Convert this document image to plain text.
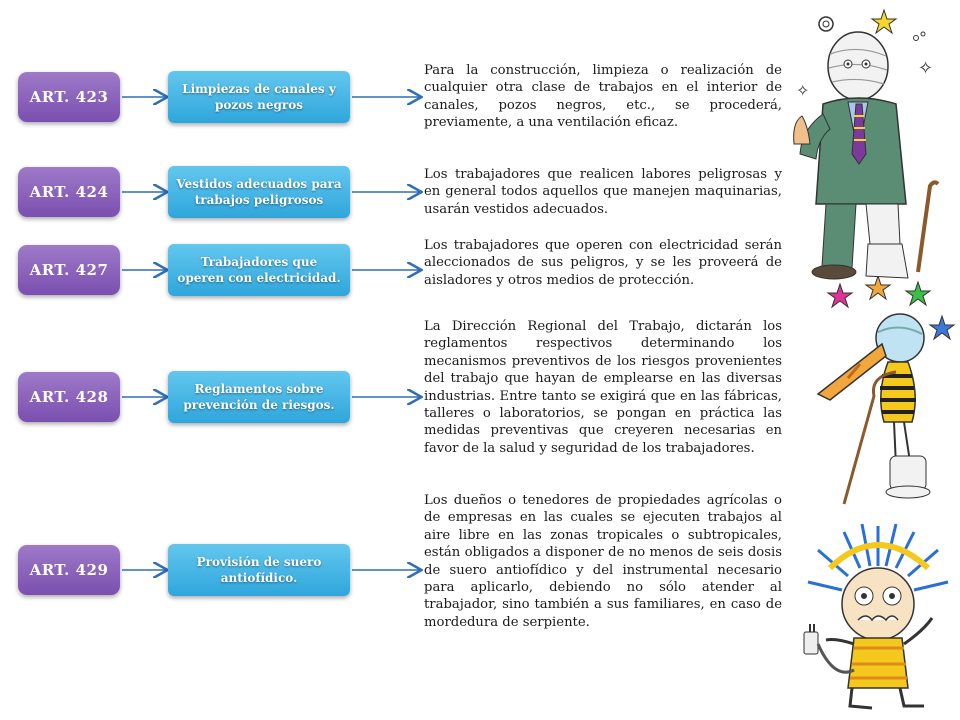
ART. 423	Limpiezas de canales y pozos negros
Para la construcción, limpieza o realización de cualquier otra clase de trabajos en el interior de canales, pozos negros, etc., se procederá, previamente, a una ventilación eficaz.
ART. 424	Vestidos adecuados para trabajos peligrosos
Los trabajadores que realicen labores peligrosas y en general todos aquellos que manejen maquinarias, usarán vestidos adecuados.
ART. 427	Trabajadores que operen con electricidad.
Los trabajadores que operen con electricidad serán aleccionados de sus peligros, y se les proveerá de aisladores y otros medios de protección.
ART. 428	Reglamentos sobre prevención de riesgos.
La Dirección Regional del Trabajo, dictarán los reglamentos respectivos determinando los mecanismos preventivos de los riesgos provenientes del trabajo que hayan de emplearse en las diversas industrias. Entre tanto se exigirá que en las fábricas, talleres o laboratorios, se pongan en práctica las medidas preventivas que creyeren necesarias en favor de la salud y seguridad de los trabajadores.
ART. 429	Provisión de suero antiofídico.
Los dueños o tenedores de propiedades agrícolas o de empresas en las cuales se ejecuten trabajos al aire libre en las zonas tropicales o subtropicales, están obligados a disponer de no menos de seis dosis de suero antiofídico y del instrumental necesario para aplicarlo, debiendo no sólo atender al trabajador, sino también a sus familiares, en caso de mordedura de serpiente.
✧
✧
